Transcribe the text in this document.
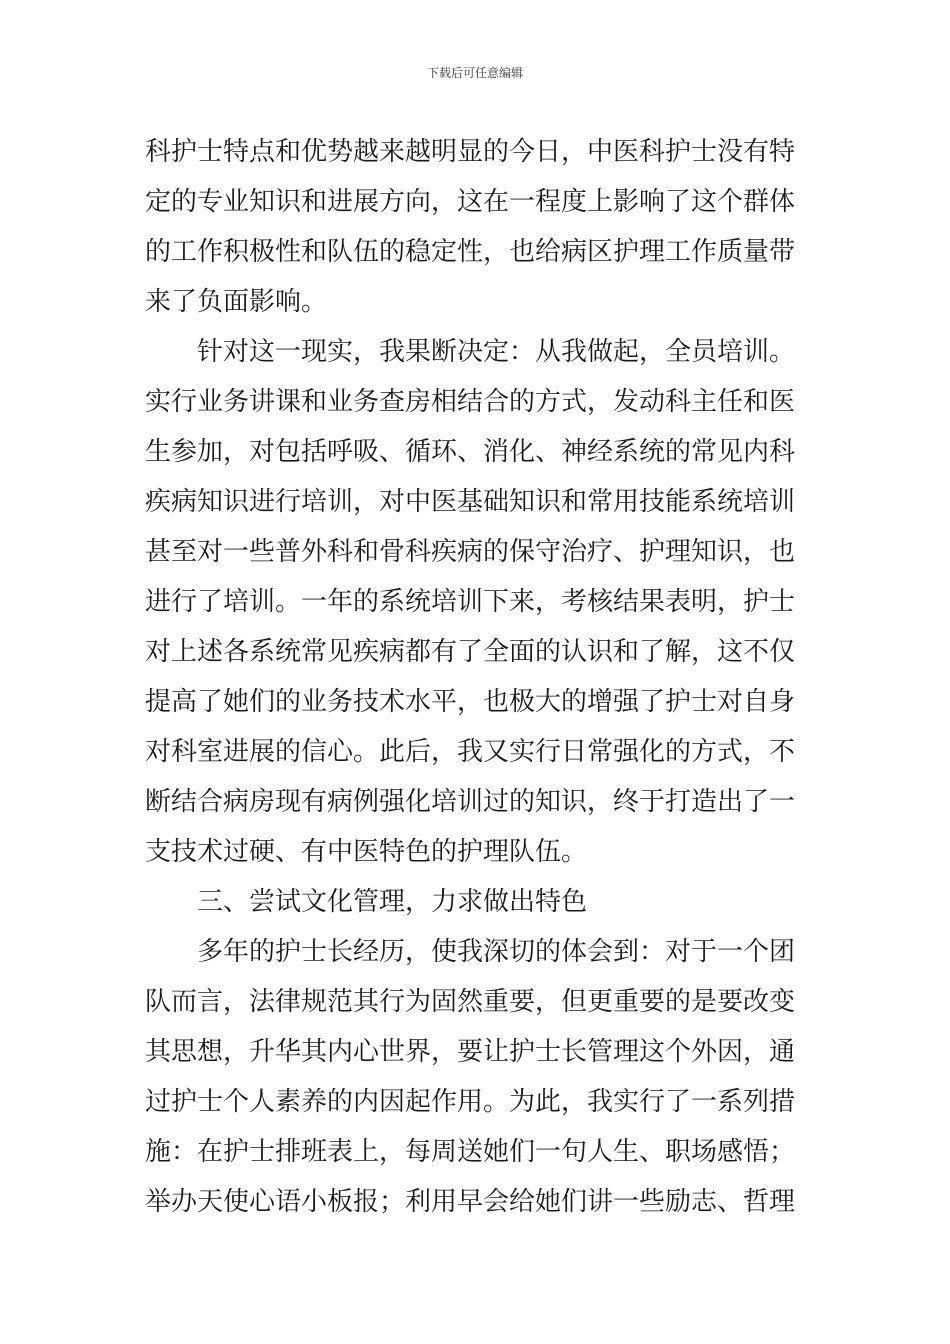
下载后可任意编辑
科护士特点和优势越来越明显的今日，中医科护士没有特
定的专业知识和进展方向，这在一程度上影响了这个群体
的工作积极性和队伍的稳定性，也给病区护理工作质量带
来了负面影响。
　　针对这一现实，我果断决定：从我做起，全员培训。
实行业务讲课和业务查房相结合的方式，发动科主任和医
生参加，对包括呼吸、循环、消化、神经系统的常见内科
疾病知识进行培训，对中医基础知识和常用技能系统培训
甚至对一些普外科和骨科疾病的保守治疗、护理知识，也
进行了培训。一年的系统培训下来，考核结果表明，护士
对上述各系统常见疾病都有了全面的认识和了解，这不仅
提高了她们的业务技术水平，也极大的增强了护士对自身
对科室进展的信心。此后，我又实行日常强化的方式，不
断结合病房现有病例强化培训过的知识，终于打造出了一
支技术过硬、有中医特色的护理队伍。
　　三、尝试文化管理，力求做出特色
　　多年的护士长经历，使我深切的体会到：对于一个团
队而言，法律规范其行为固然重要，但更重要的是要改变
其思想，升华其内心世界，要让护士长管理这个外因，通
过护士个人素养的内因起作用。为此，我实行了一系列措
施：在护士排班表上，每周送她们一句人生、职场感悟；
举办天使心语小板报；利用早会给她们讲一些励志、哲理
